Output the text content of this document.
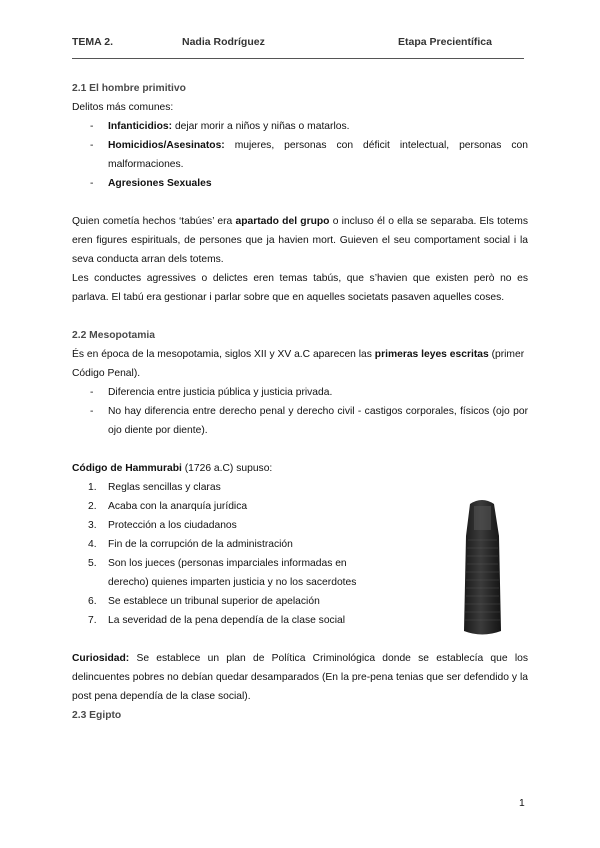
TEMA 2.	Nadia Rodríguez	Etapa Precientífica

2.1 El hombre primitivo

Delitos más comunes:

- Infanticidios: dejar morir a niños y niñas o matarlos.
- Homicidios/Asesinatos: mujeres, personas con déficit intelectual, personas con malformaciones.
- Agresiones Sexuales

Quien cometía hechos ‘tabúes’ era apartado del grupo o incluso él o ella se separaba. Els totems eren figures espirituals, de persones que ja havien mort. Guieven el seu comportament social i la seva conducta arran dels totems.

Les conductes agressives o delictes eren temas tabús, que s’havien que existen però no es parlava. El tabú era gestionar i parlar sobre que en aquelles societats pasaven aquelles coses.

2.2 Mesopotamia

És en época de la mesopotamia, siglos XII y XV a.C aparecen las primeras leyes escritas (primer Código Penal).

- Diferencia entre justicia pública y justicia privada.
- No hay diferencia entre derecho penal y derecho civil - castigos corporales, físicos (ojo por ojo diente por diente).

Código de Hammurabi (1726 a.C) supuso:

1. Reglas sencillas y claras
2. Acaba con la anarquía jurídica
3. Protección a los ciudadanos
4. Fin de la corrupción de la administración
5. Son los jueces (personas imparciales informadas en derecho) quienes imparten justicia y no los sacerdotes
6. Se establece un tribunal superior de apelación
7. La severidad de la pena dependía de la clase social

Curiosidad: Se establece un plan de Política Criminológica donde se establecía que los delincuentes pobres no debían quedar desamparados (En la pre-pena tenias que ser defendido y la post pena dependía de la clase social).

2.3 Egipto

1
